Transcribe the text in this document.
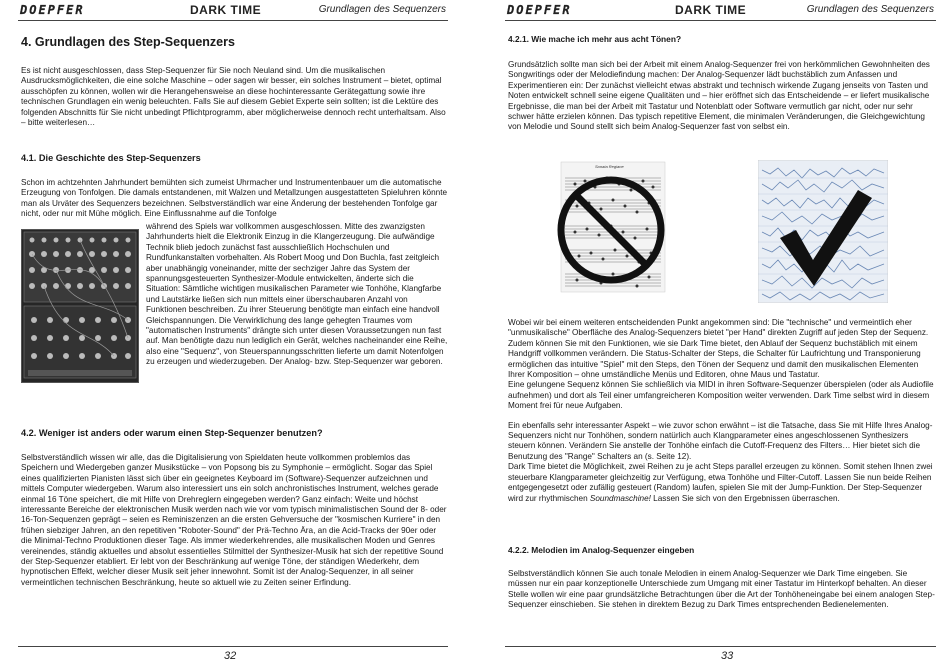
DOEPFER	DARK TIME	Grundlagen des Sequenzers
4. Grundlagen des Step-Sequenzers
Es ist nicht ausgeschlossen, dass Step-Sequenzer für Sie noch Neuland sind. Um die musikalischen Ausdrucksmöglichkeiten, die eine solche Maschine – oder sagen wir besser, ein solches Instrument – bietet, optimal ausschöpfen zu können, wollen wir die Herangehensweise an diese hochinteressante Gerätegattung sowie ihre technischen Grundlagen ein wenig beleuchten. Falls Sie auf diesem Gebiet Experte sein sollten; ist die Lektüre des folgenden Abschnitts für Sie nicht unbedingt Pflichtprogramm, aber möglicherweise dennoch recht unterhaltsam. Also – bitte weiterlesen…
4.1. Die Geschichte des Step-Sequenzers
Schon im achtzehnten Jahrhundert bemühten sich zumeist Uhrmacher und Instrumentenbauer um die automatische Erzeugung von Tonfolgen. Die damals entstandenen, mit Walzen und Metallzungen ausgestatteten Spieluhren könnte man als Urväter des Sequenzers bezeichnen. Selbstverständlich war eine Änderung der bestehenden Tonfolge gar nicht, oder nur mit Mühe möglich. Eine Einflussnahme auf die Tonfolge
während des Spiels war vollkommen ausgeschlossen. Mitte des zwanzigsten Jahrhunderts hielt die Elektronik Einzug in die Klangerzeugung. Die aufwändige Technik blieb jedoch zunächst fast ausschließlich Hochschulen und Rundfunkanstalten vorbehalten. Als Robert Moog und Don Buchla, fast zeitgleich aber unabhängig voneinander, mitte der sechziger Jahre das System der spannungsgesteuerten Synthesizer-Module entwickelten, änderte sich die Situation: Sämtliche wichtigen musikalischen Parameter wie Tonhöhe, Klangfarbe und Lautstärke ließen sich nun mittels einer überschaubaren Anzahl von Funktionen beschreiben. Zu ihrer Steuerung benötigte man einfach eine handvoll Gleichspannungen. Die Verwirklichung des lange gehegten Traumes vom "automatischen Instruments" drängte sich unter diesen Voraussetzungen nun fast auf. Man benötigte dazu nun lediglich ein Gerät, welches nacheinander eine Reihe, also eine "Sequenz", von Steuerspannungsschritten lieferte um damit Notenfolgen zu erzeugen und wiederzugeben. Der Analog- bzw. Step-Sequenzer war geboren.
4.2. Weniger ist anders oder warum einen Step-Sequenzer benutzen?
Selbstverständlich wissen wir alle, das die Digitalisierung von Spieldaten heute vollkommen problemlos das Speichern und Wiedergeben ganzer Musikstücke – von Popsong bis zu Symphonie – ermöglicht. Sogar das Spiel eines qualifizierten Pianisten lässt sich über ein geeignetes Keyboard im (Software)-Sequenzer aufzeichnen und mittels Computer wiedergeben. Warum also interessiert uns ein solch anchronistisches Instrument, welches gerade einmal 16 Töne speichert, die mit Hilfe von Drehreglern eingegeben werden? Ganz einfach: Weite und höchst interessante Bereiche der elektronischen Musik werden nach wie vor vom typisch minimalistischen Sound der 8- oder 16-Ton-Sequenzen geprägt – seien es Reminiszenzen an die ersten Gehversuche der "kosmischen Kurriere" in den frühen siebziger Jahren, an den repetitiven "Roboter-Sound" der Prä-Techno Ära, an die Acid-Tracks der 90er oder die Minimal-Techno Produktionen dieser Tage. Als immer wiederkehrendes, alle musikalischen Moden und Genres vereinendes, ständig aktuelles und absolut essentielles Stilmittel der Synthesizer-Musik hat sich der repetitive Sound der Step-Sequenzer etabliert. Er lebt von der Beschränkung auf wenige Töne, der ständigen Wiederkehr, dem hypnotischen Effekt, welcher dieser Musik seit jeher innewohnt. Somit ist der Analog-Sequenzer, in all seiner vermeintlichen technischen Beschränkung, heute so aktuell wie zu Zeiten seiner Erfindung.
32
DOEPFER	DARK TIME	Grundlagen des Sequenzers
4.2.1. Wie mache ich mehr aus acht Tönen?
Grundsätzlich sollte man sich bei der Arbeit mit einem Analog-Sequenzer frei von herkömmlichen Gewohnheiten des Songwritings oder der Melodiefindung machen: Der Analog-Sequenzer lädt buchstäblich zum Anfassen und Experimentieren ein: Der zunächst vielleicht etwas abstrakt und technisch wirkende Zugang jenseits von Tasten und Noten entwickelt schnell seine eigene Qualitäten und – hier eröffnet sich das Entscheidende – er liefert musikalische Ergebnisse, die man bei der Arbeit mit Tastatur und Notenblatt oder Software vermutlich gar nicht, oder nur sehr schwer hätte erzielen können. Das typisch repetitive Element, die minimalen Veränderungen, die Gleichgewichtung von Melodie und Sound stellt sich beim Analog-Sequenzer fast von selbst ein.
Sonata Regiane
Wobei wir bei einem weiteren entscheidenden Punkt angekommen sind: Die "technische" und vermeintlich eher "unmusikalische" Oberfläche des Analog-Sequenzers bietet "per Hand" direkten Zugriff auf jeden Step der Sequenz. Zudem können Sie mit den Funktionen, wie sie Dark Time bietet, den Ablauf der Sequenz buchstäblich mit einem Handgriff vollkommen verändern. Die Status-Schalter der Steps, die Schalter für Laufrichtung und Transponierung ermöglichen das intuitive "Spiel" mit den Steps, den Tönen der Sequenz und damit den musikalischen Elementen Ihrer Komposition – ohne umständliche Menüs und Editoren, ohne Maus und Tastatur.
Eine gelungene Sequenz können Sie schließlich via MIDI in ihren Software-Sequenzer überspielen (oder als Audiofile aufnehmen) und dort als Teil einer umfangreicheren Komposition weiter verwenden. Dark Time selbst wird in diesem Moment frei für neue Aufgaben.
Ein ebenfalls sehr interessanter Aspekt – wie zuvor schon erwähnt – ist die Tatsache, dass Sie mit Hilfe Ihres Analog-Sequenzers nicht nur Tonhöhen, sondern natürlich auch Klangparameter eines angeschlossenen Synthesizers steuern können. Verändern Sie anstelle der Tonhöhe einfach die Cutoff-Frequenz des Filters… Hier bietet sich die Benutzung des "Range" Schalters an (s. Seite 12).
Dark Time bietet die Möglichkeit, zwei Reihen zu je acht Steps parallel erzeugen zu können. Somit stehen Ihnen zwei steuerbare Klangparameter gleichzeitig zur Verfügung, etwa Tonhöhe und Filter-Cutoff. Lassen Sie nun beide Reihen entgegengesetzt oder zufällig gesteuert (Random) laufen, spielen Sie mit der Jump-Funktion. Der Step-Sequenzer wird zur rhythmischen Soundmaschine! Lassen Sie sich von den Ergebnissen überraschen.
4.2.2. Melodien im Analog-Sequenzer eingeben
Selbstverständlich können Sie auch tonale Melodien in einem Analog-Sequenzer wie Dark Time eingeben. Sie müssen nur ein paar konzeptionelle Unterschiede zum Umgang mit einer Tastatur im Hinterkopf behalten. An dieser Stelle wollen wir eine paar grundsätzliche Betrachtungen über die Art der Tonhöheneingabe bei einem analogen Step-Sequenzer einschieben. Sie stehen in direktem Bezug zu Dark Times entsprechenden Bedienelementen.
33
